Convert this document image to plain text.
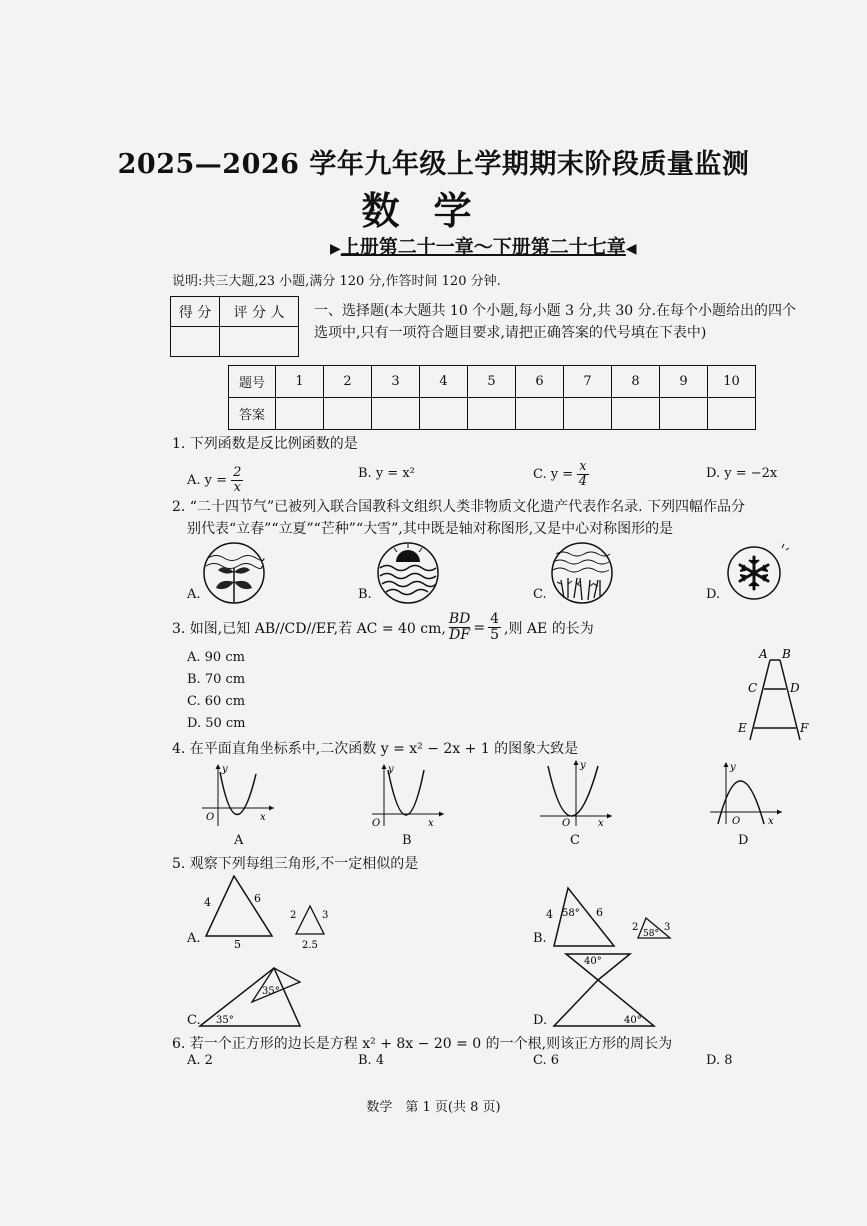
2025—2026 学年九年级上学期期末阶段质量监测
数学
▶上册第二十一章～下册第二十七章◀
说明:共三大题,23 小题,满分 120 分,作答时间 120 分钟.
得 分	评 分 人
	一、选择题(本大题共 10 个小题,每小题 3 分,共 30 分.在每个小题给出的四个选项中,只有一项符合题目要求,请把正确答案的代号填在下表中)
题号	1	2	3	4	5	6	7	8	9	10
答案										
1. 下列函数是反比例函数的是
A. $y = \frac{2}{x}$	B. y = x²	C. $y = \frac{x}{4}$	D. y = −2x
2. “二十四节气”已被列入联合国教科文组织人类非物质文化遗产代表作名录. 下列四幅作品分
别代表“立春”“立夏”“芒种”“大雪”,其中既是轴对称图形,又是中心对称图形的是
A.	B.	C.	D.
3. 如图,已知 AB//CD//EF,若 AC = 40 cm, $\frac{BD}{DF} = \frac{4}{5}$ ,则 AE 的长为
A. 90 cm
B. 70 cm
C. 60 cm
D. 50 cm
A B
C	D
E	F
4. 在平面直角坐标系中,二次函数 y = x² − 2x + 1 的图象大致是
y
x
O
y
x
O
y
x
O
y
x
O
A	B	C	D
5. 观察下列每组三角形,不一定相似的是
A.	B.
C.	D.
4	6
5
2	3
2.5
4 58° 6
2
58°
3
35°
35°
40°
40°
6. 若一个正方形的边长是方程 x² + 8x − 20 = 0 的一个根,则该正方形的周长为
A. 2	B. 4	C. 6	D. 8
数学　第 1 页(共 8 页)
